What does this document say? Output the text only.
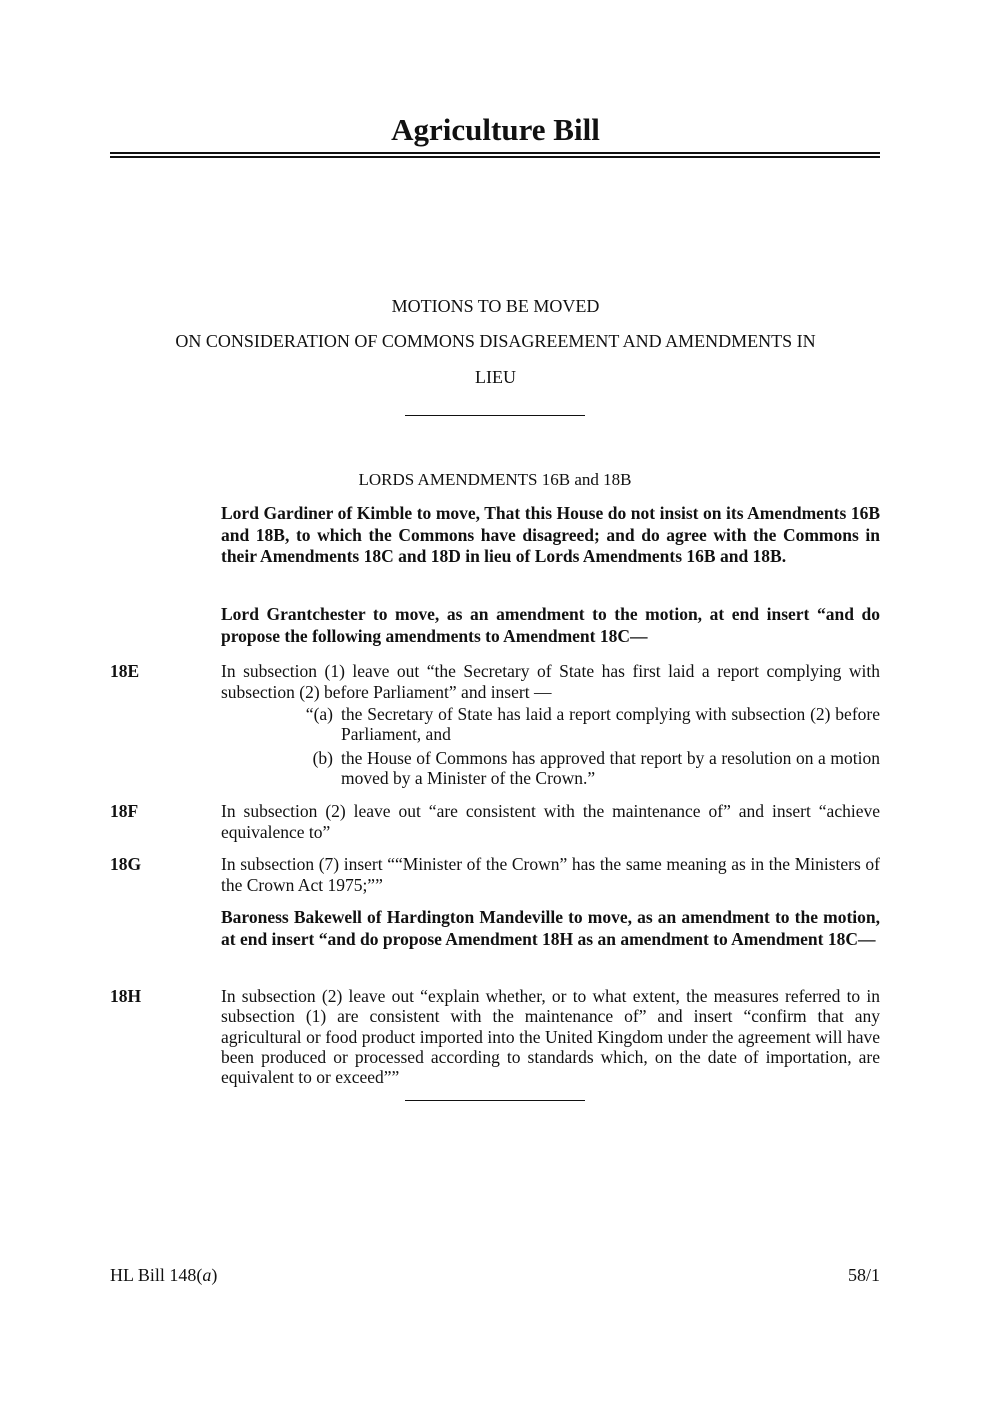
Agriculture Bill
MOTIONS TO BE MOVED
ON CONSIDERATION OF COMMONS DISAGREEMENT AND AMENDMENTS IN
LIEU
LORDS AMENDMENTS 16B and 18B
Lord Gardiner of Kimble to move, That this House do not insist on its Amendments 16B and 18B, to which the Commons have disagreed; and do agree with the Commons in their Amendments 18C and 18D in lieu of Lords Amendments 16B and 18B.
Lord Grantchester to move, as an amendment to the motion, at end insert “and do propose the following amendments to Amendment 18C—
18E	In subsection (1) leave out “the Secretary of State has first laid a report complying with subsection (2) before Parliament” and insert —
“(a) the Secretary of State has laid a report complying with subsection (2) before Parliament, and
(b) the House of Commons has approved that report by a resolution on a motion moved by a Minister of the Crown.”
18F	In subsection (2) leave out “are consistent with the maintenance of” and insert “achieve equivalence to”
18G	In subsection (7) insert ““Minister of the Crown” has the same meaning as in the Ministers of the Crown Act 1975;””
Baroness Bakewell of Hardington Mandeville to move, as an amendment to the motion, at end insert “and do propose Amendment 18H as an amendment to Amendment 18C—
18H	In subsection (2) leave out “explain whether, or to what extent, the measures referred to in subsection (1) are consistent with the maintenance of” and insert “confirm that any agricultural or food product imported into the United Kingdom under the agreement will have been produced or processed according to standards which, on the date of importation, are equivalent to or exceed””
HL Bill 148(a)	58/1
